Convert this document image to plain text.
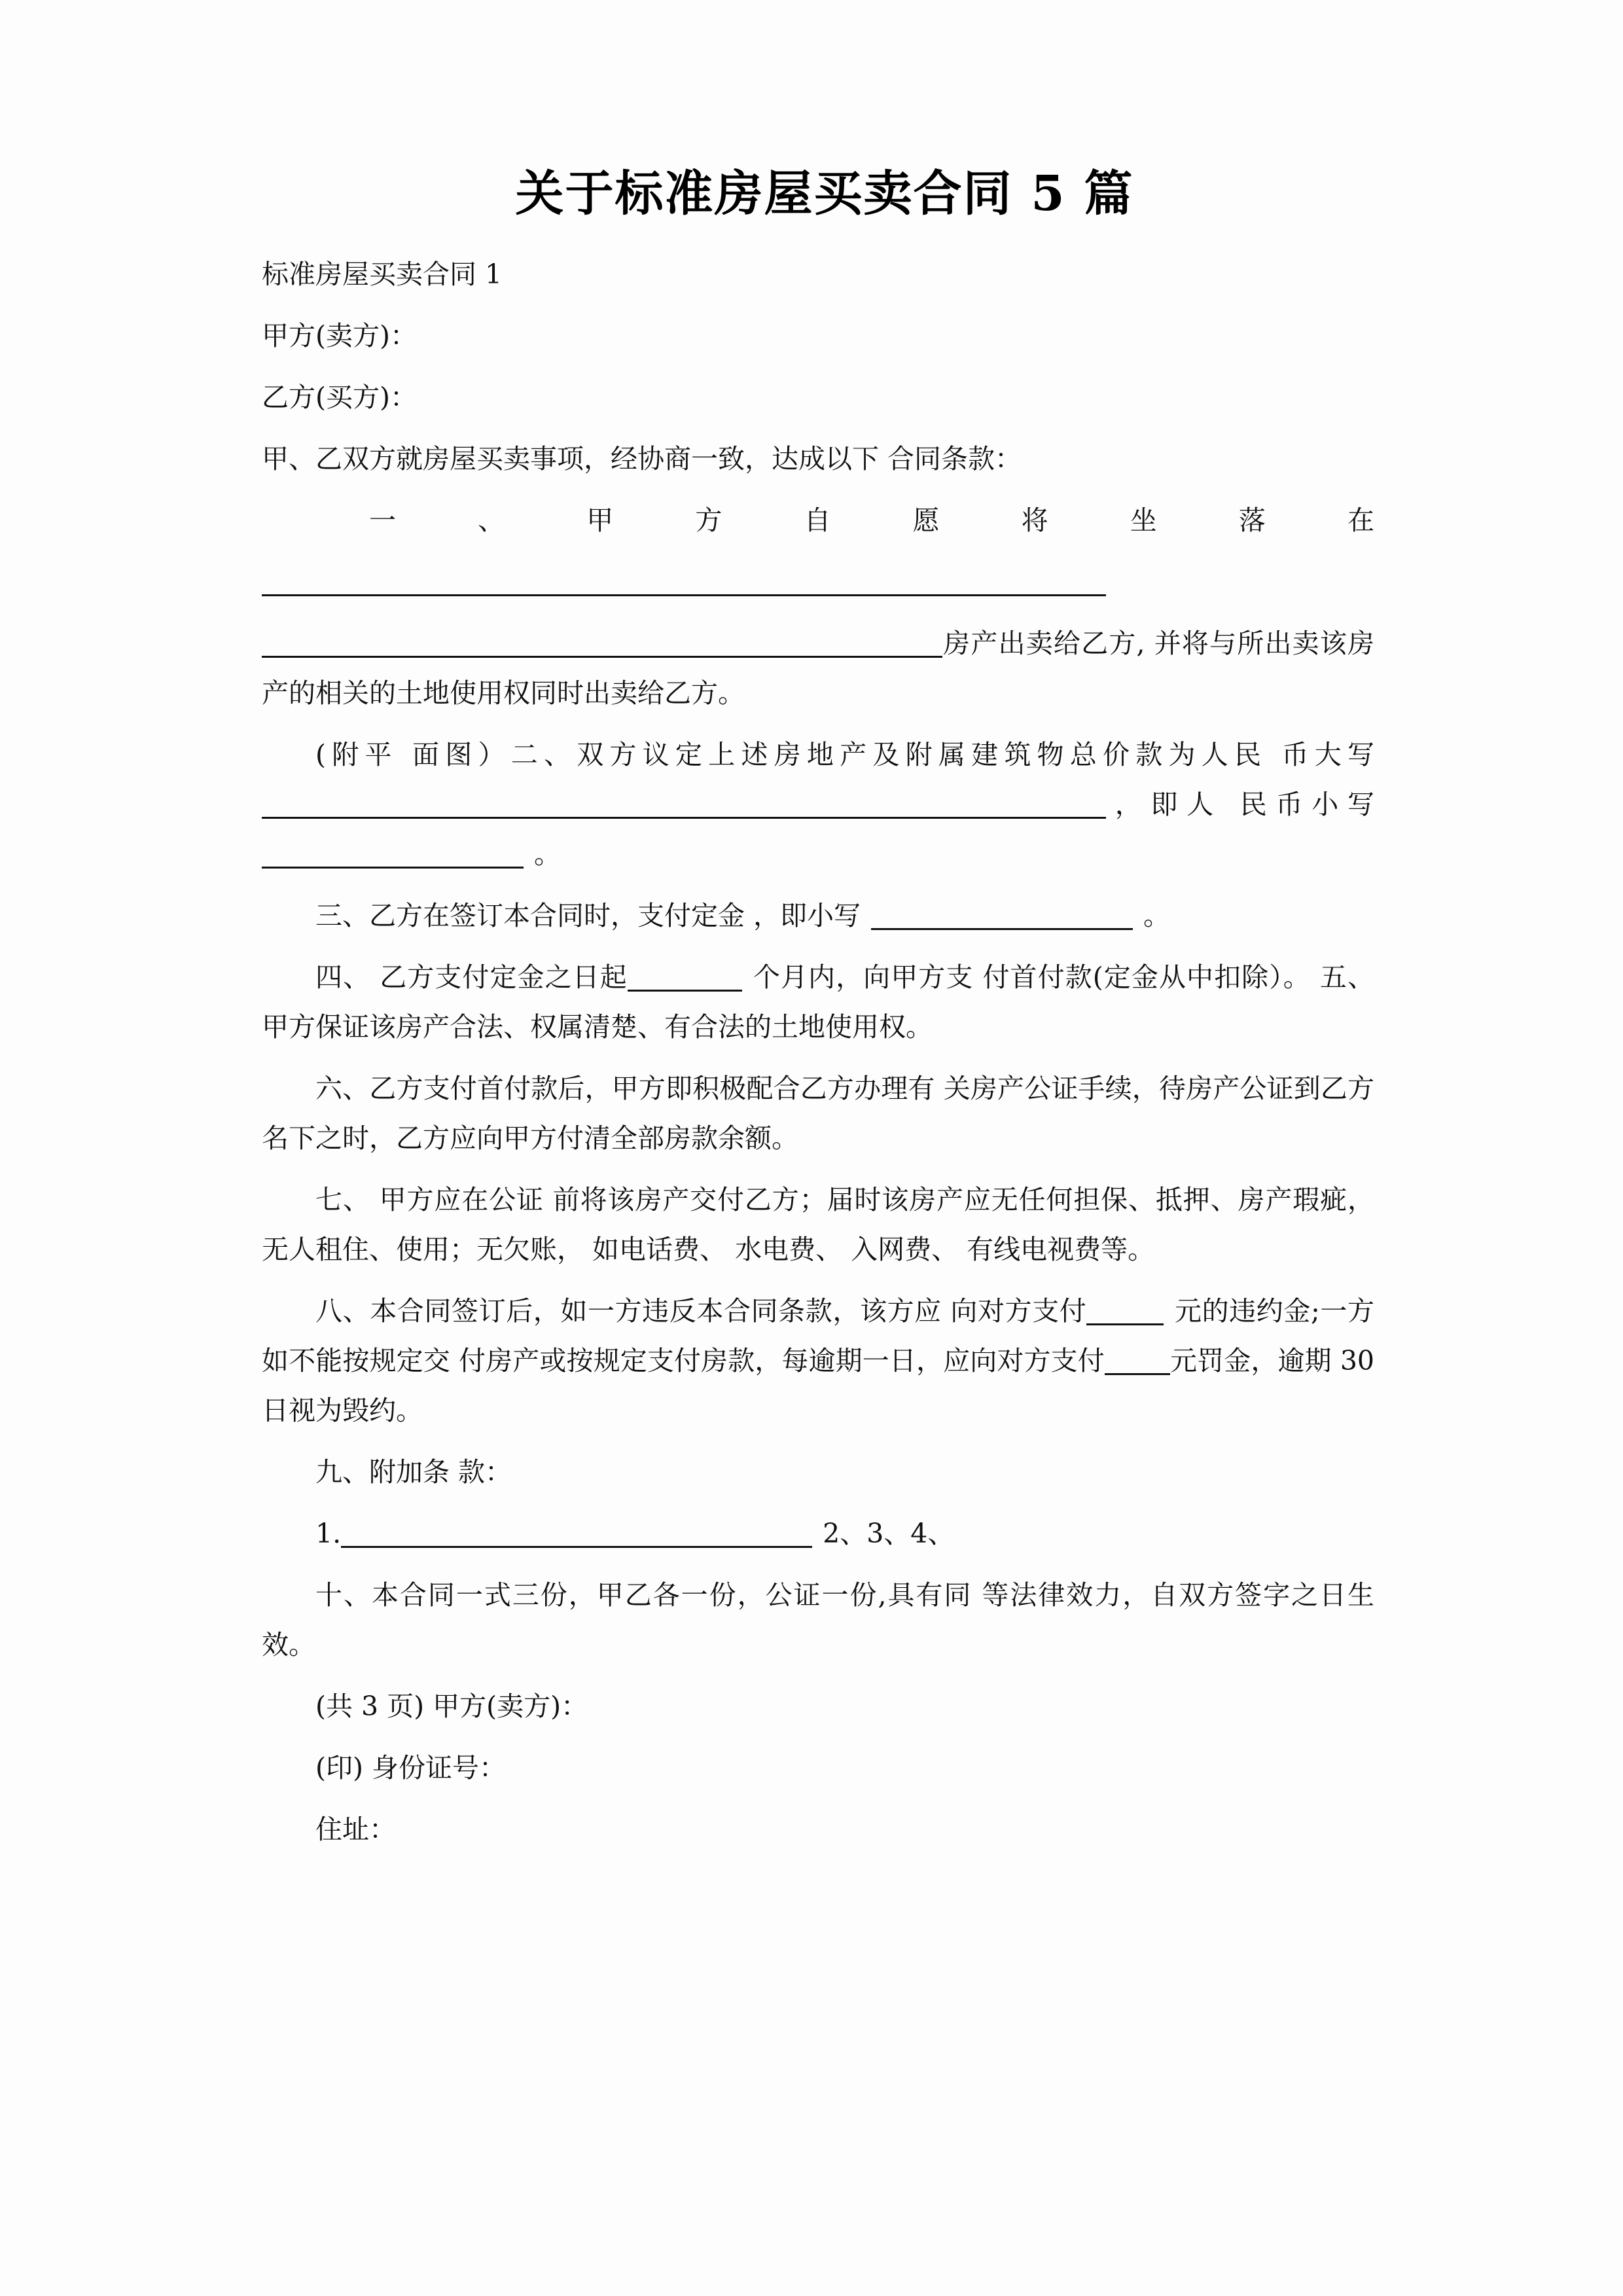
关于标准房屋买卖合同 5 篇

标准房屋买卖合同 1

甲方(卖方)：

乙方(买方)：

甲、乙双方就房屋买卖事项，经协商一致，达成以下 合同条款：

一、甲方自愿将坐落在

房产出卖给乙方, 并将与所出卖该房产的相关的土地使用权同时出卖给乙方。

(附平 面图）二、双方议定上述房地产及附属建筑物总价款为人民 币大写 ，即人 民币小写。

三、乙方在签订本合同时，支付定金 ，即小写	。

四、 乙方支付定金之日起	个月内，向甲方支 付首付款(定金从中扣除）。 五、甲方保证该房产合法、权属清楚、有合法的土地使用权。

六、乙方支付首付款后，甲方即积极配合乙方办理有 关房产公证手续，待房产公证到乙方名下之时，乙方应向甲方付清全部房款余额。

七、 甲方应在公证 前将该房产交付乙方；届时该房产应无任何担保、抵押、房产瑕疵，无人租住、使用；无欠账， 如电话费、 水电费、 入网费、 有线电视费等。

八、本合同签订后，如一方违反本合同条款，该方应 向对方支付	元的违约金;一方如不能按规定交 付房产或按规定支付房款，每逾期一日，应向对方支付 元罚金，逾期 30 日视为毁约。

九、附加条 款：

1.	2、3、4、

十、本合同一式三份，甲乙各一份，公证一份,具有同 等法律效力，自双方签字之日生效。

(共 3 页) 甲方(卖方)：

(印) 身份证号：

住址：
